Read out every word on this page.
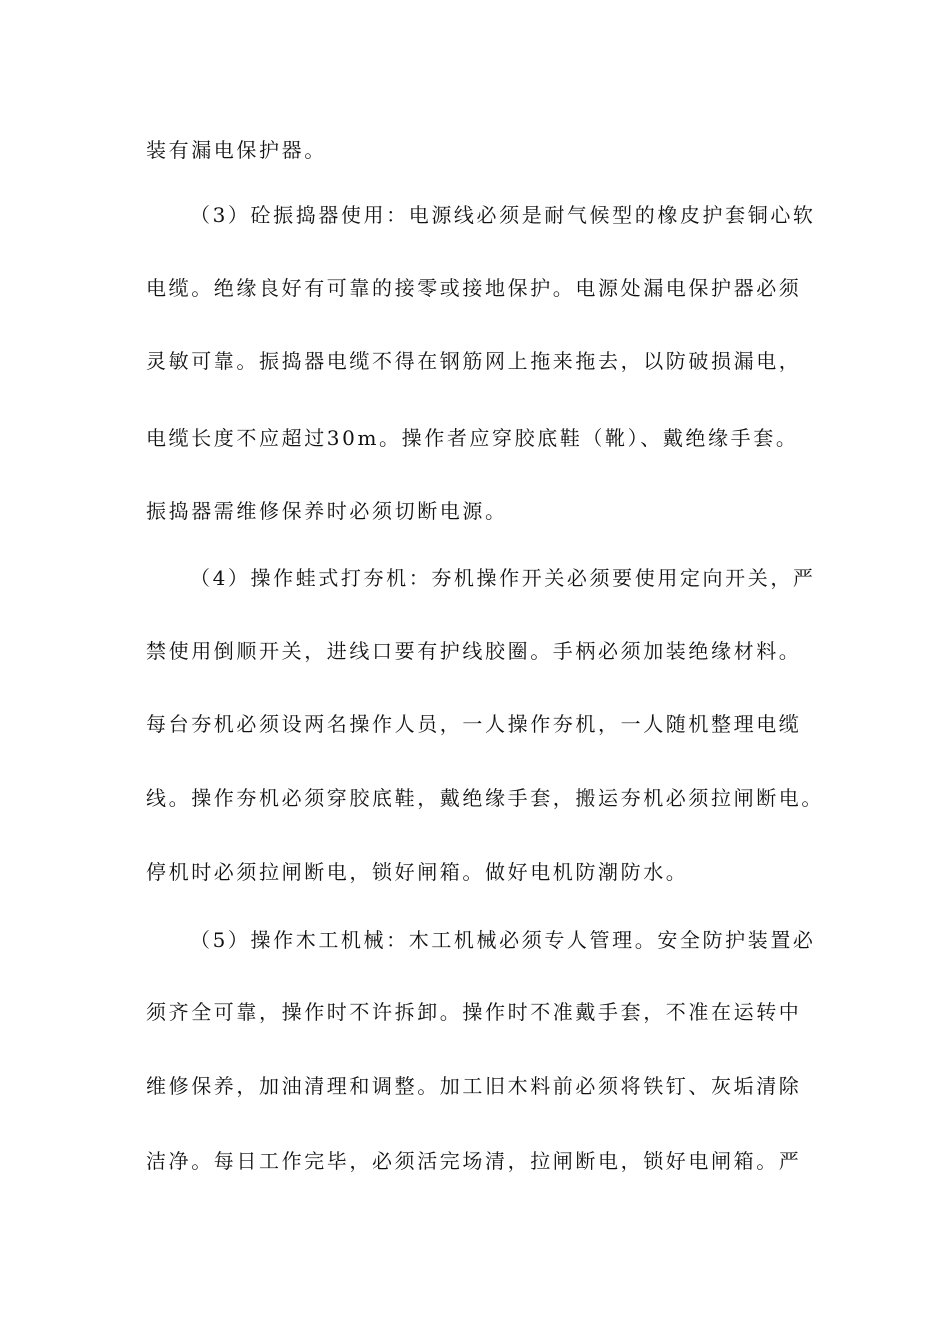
装有漏电保护器。
（3）砼振捣器使用：电源线必须是耐气候型的橡皮护套铜心软
电缆。绝缘良好有可靠的接零或接地保护。电源处漏电保护器必须
灵敏可靠。振捣器电缆不得在钢筋网上拖来拖去，以防破损漏电，
电缆长度不应超过30m。操作者应穿胶底鞋（靴）、戴绝缘手套。
振捣器需维修保养时必须切断电源。
（4）操作蛙式打夯机：夯机操作开关必须要使用定向开关，严
禁使用倒顺开关，进线口要有护线胶圈。手柄必须加装绝缘材料。
每台夯机必须设两名操作人员，一人操作夯机，一人随机整理电缆
线。操作夯机必须穿胶底鞋，戴绝缘手套，搬运夯机必须拉闸断电。
停机时必须拉闸断电，锁好闸箱。做好电机防潮防水。
（5）操作木工机械：木工机械必须专人管理。安全防护装置必
须齐全可靠，操作时不许拆卸。操作时不准戴手套，不准在运转中
维修保养，加油清理和调整。加工旧木料前必须将铁钉、灰垢清除
洁净。每日工作完毕，必须活完场清，拉闸断电，锁好电闸箱。严
